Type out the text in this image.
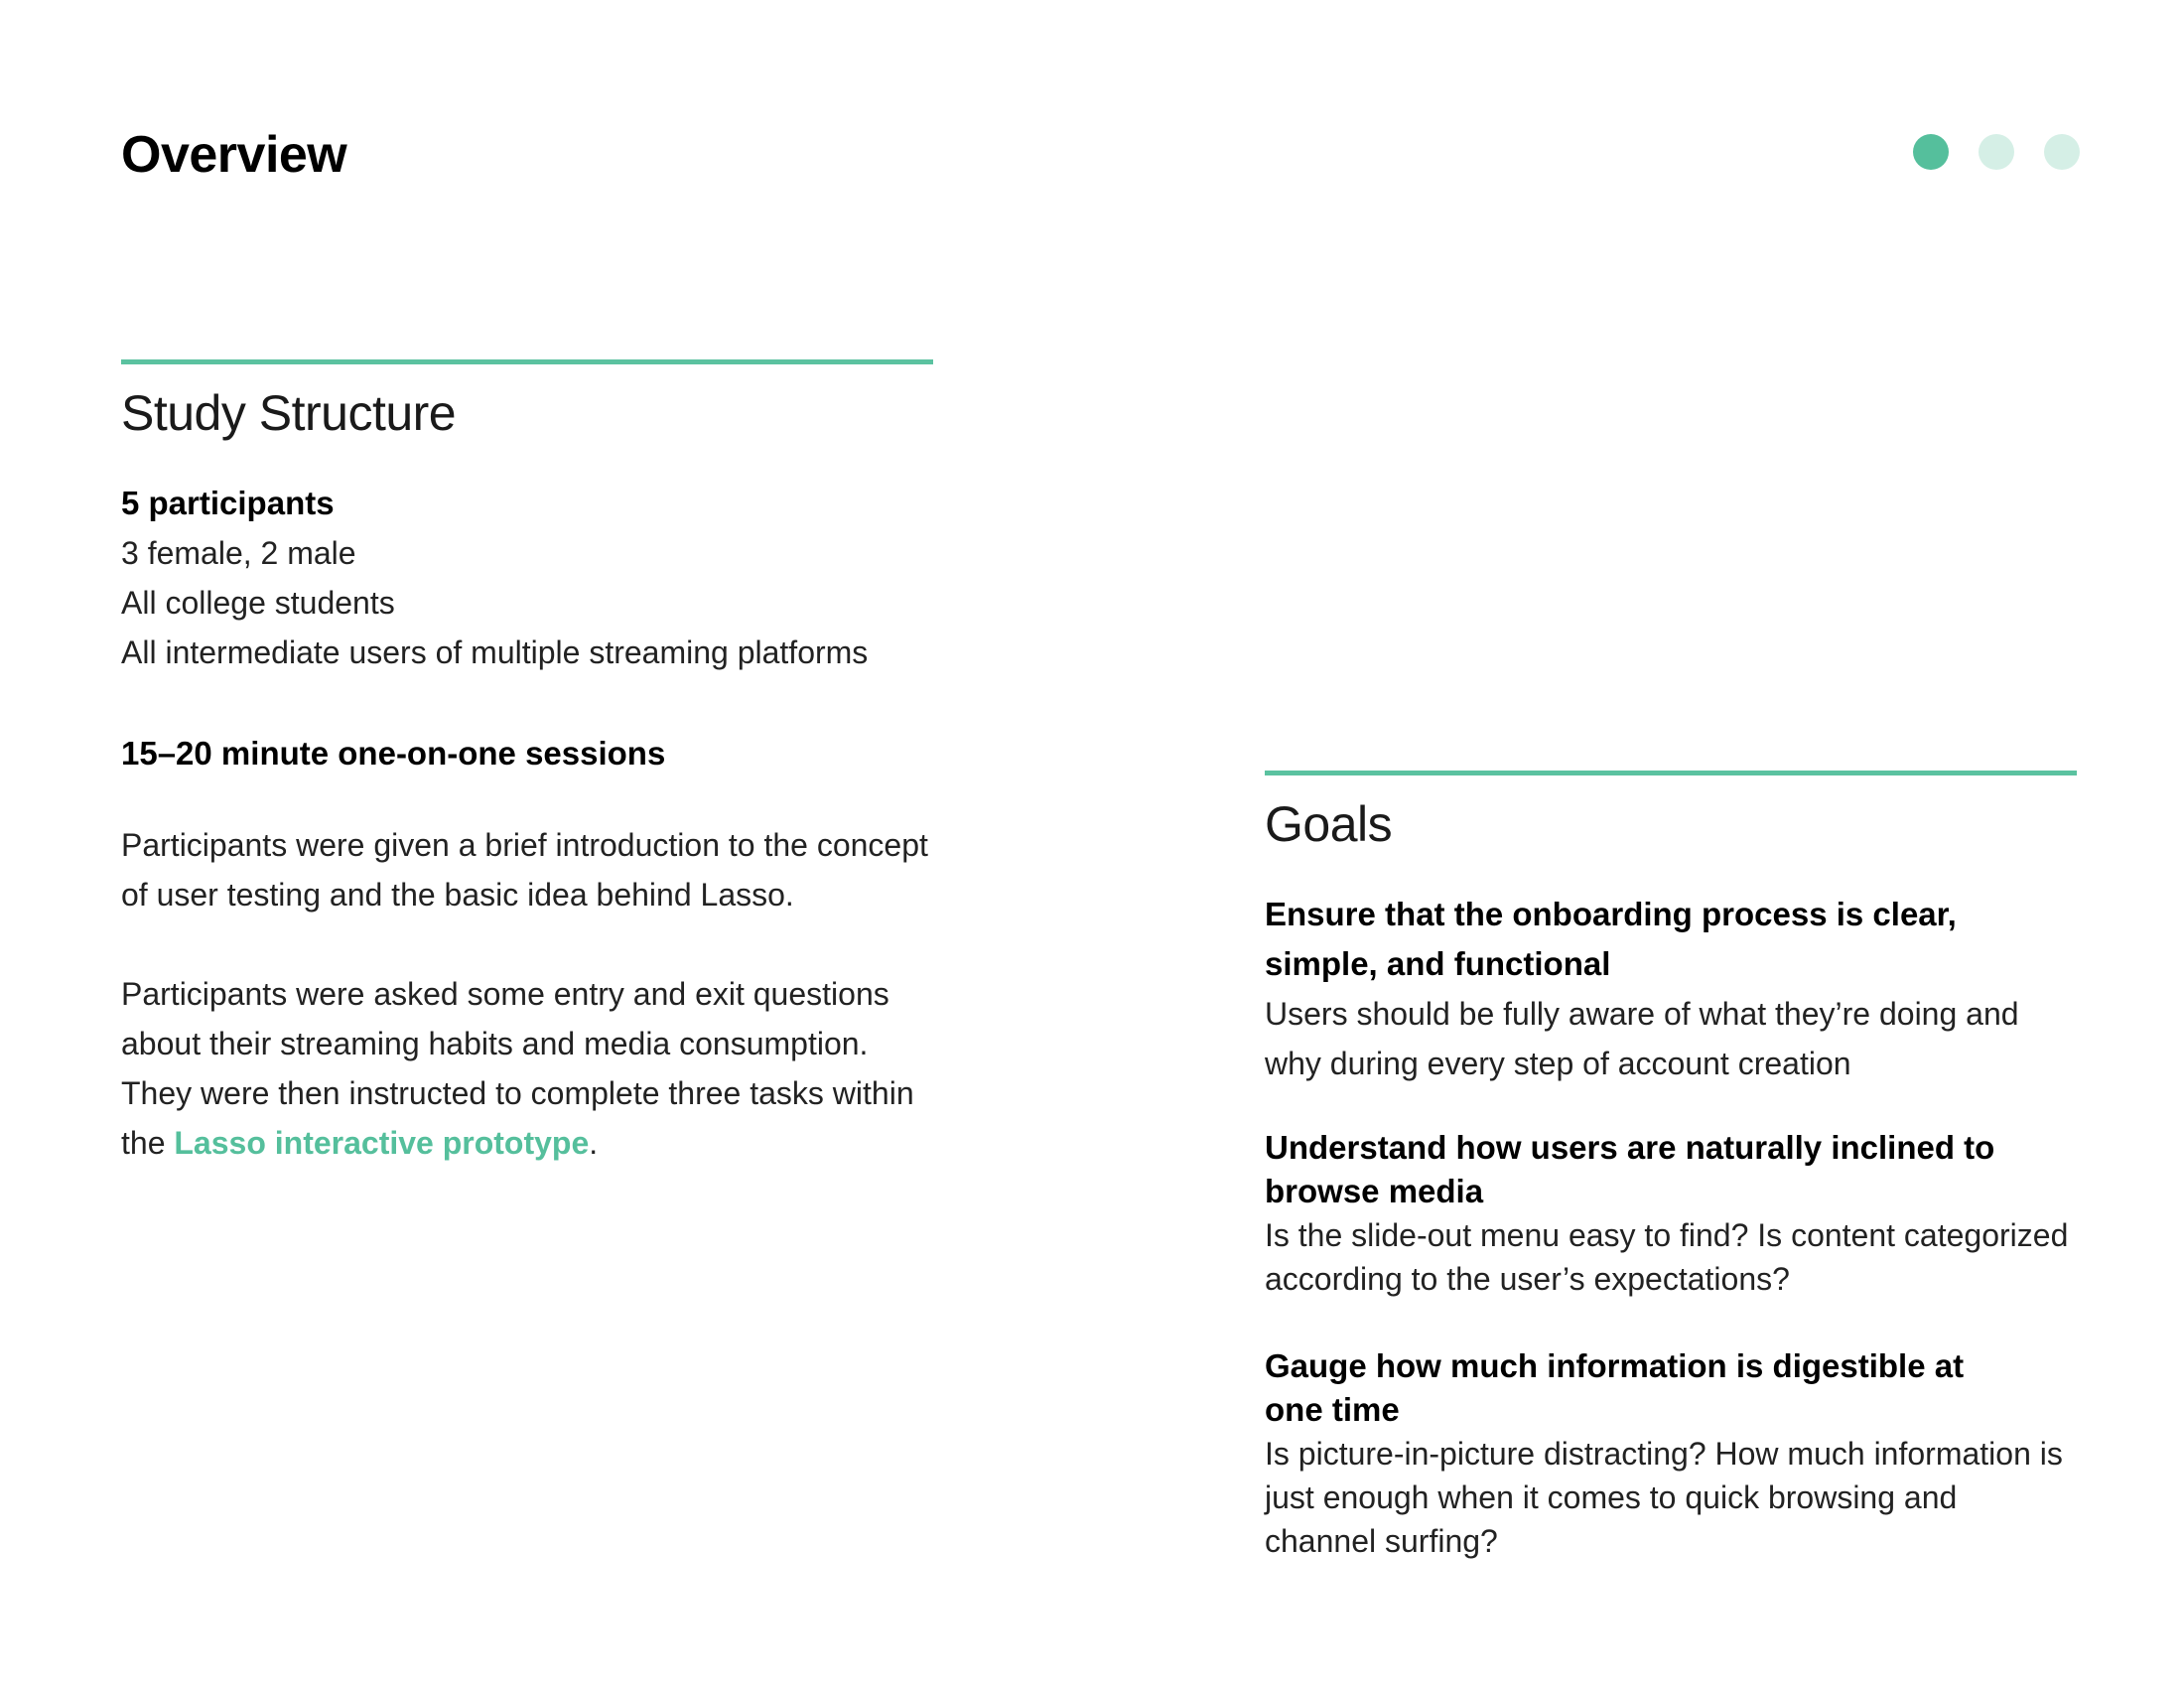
Overview
Study Structure

5 participants

3 female, 2 male
All college students
All intermediate users of multiple streaming platforms

15–20 minute one-on-one sessions

Participants were given a brief introduction to the concept of user testing and the basic idea behind Lasso.

Participants were asked some entry and exit questions about their streaming habits and media consumption. They were then instructed to complete three tasks within the Lasso interactive prototype.

Goals

Ensure that the onboarding process is clear, simple, and functional

Users should be fully aware of what they’re doing and why during every step of account creation

Understand how users are naturally inclined to browse media

Is the slide-out menu easy to find? Is content categorized according to the user’s expectations?

Gauge how much information is digestible at one time

Is picture-in-picture distracting? How much information is just enough when it comes to quick browsing and channel surfing?
